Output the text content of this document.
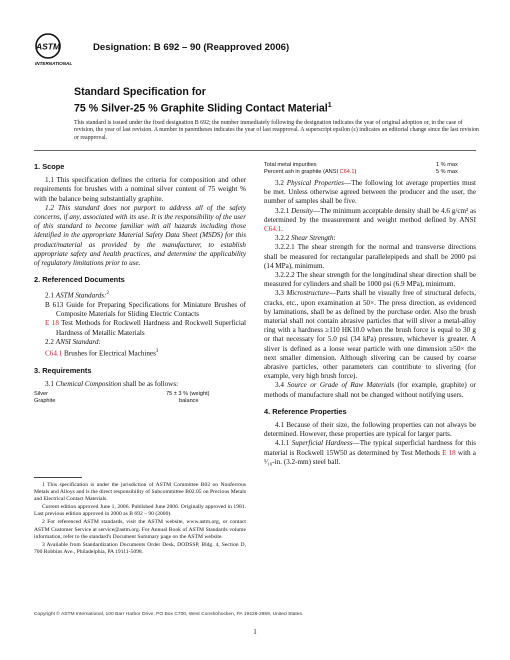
ASTM
INTERNATIONAL
Designation: B 692 – 90 (Reapproved 2006)
Standard Specification for
75 % Silver-25 % Graphite Sliding Contact Material$^1$
This standard is issued under the fixed designation B 692; the number immediately following the designation indicates the year of original adoption or, in the case of revision, the year of last revision. A number in parentheses indicates the year of last reapproval. A superscript epsilon (ε) indicates an editorial change since the last revision or reapproval.
1. Scope

1.1 This specification defines the criteria for composition and other requirements for brushes with a nominal silver content of 75 weight % with the balance being substantially graphite.

1.2 This standard does not purport to address all of the safety concerns, if any, associated with its use. It is the responsibility of the user of this standard to become familiar with all hazards including those identified in the appropriate Material Safety Data Sheet (MSDS) for this product/material as provided by the manufacturer, to establish appropriate safety and health practices, and determine the applicability of regulatory limitations prior to use.

2. Referenced Documents

2.1 ASTM Standards:$^2$

B 613 Guide for Preparing Specifications for Miniature Brushes of Composite Materials for Sliding Electric Contacts

E 18 Test Methods for Rockwell Hardness and Rockwell Superficial Hardness of Metallic Materials

2.2 ANSI Standard:

C64.1 Brushes for Electrical Machines$^3$

3. Requirements

3.1 Chemical Composition shall be as follows:

Silver	75 ± 3 % (weight)
Graphite	balance

1 This specification is under the jurisdiction of ASTM Committee B02 on Nonferrous Metals and Alloys and is the direct responsibility of Subcommittee B02.05 on Precious Metals and Electrical Contact Materials.

Current edition approved June 1, 2006. Published June 2006. Originally approved in 1981. Last previous edition approved in 2000 as B 692 – 90 (2000).

2 For referenced ASTM standards, visit the ASTM website, www.astm.org, or contact ASTM Customer Service at service@astm.org. For Annual Book of ASTM Standards volume information, refer to the standard's Document Summary page on the ASTM website.

3 Available from Standardization Documents Order Desk, DODSSP, Bldg. 4, Section D, 700 Robbins Ave., Philadelphia, PA 19111-5098.

Total metal impurities	1 % max
Percent ash in graphite (ANSI C64.1)	5 % max

3.2 Physical Properties—The following lot average properties must be met. Unless otherwise agreed between the producer and the user, the number of samples shall be five.

3.2.1 Density—The minimum acceptable density shall be 4.6 g/cm³ as determined by the measurement and weight method defined by ANSI C64.1.

3.2.2 Shear Strength:

3.2.2.1 The shear strength for the normal and transverse directions shall be measured for rectangular parallelepipeds and shall be 2000 psi (14 MPa), minimum.

3.2.2.2 The shear strength for the longitudinal shear direction shall be measured for cylinders and shall be 1000 psi (6.9 MPa), minimum.

3.3 Microstructure—Parts shall be visually free of structural defects, cracks, etc., upon examination at 50×. The press direction, as evidenced by laminations, shall be as defined by the purchase order. Also the brush material shall not contain abrasive particles that will sliver a metal-alloy ring with a hardness ≥110 HK10.0 when the brush force is equal to 30 g or that necessary for 5.0 psi (34 kPa) pressure, whichever is greater. A sliver is defined as a loose wear particle with one dimension ≥50× the next smaller dimension. Although slivering can be caused by coarse abrasive particles, other parameters can contribute to slivering (for example, very high brush force).

3.4 Source or Grade of Raw Materials (for example, graphite) or methods of manufacture shall not be changed without notifying users.

4. Reference Properties

4.1 Because of their size, the following properties can not always be determined. However, these properties are typical for larger parts.

4.1.1 Superficial Hardness—The typical superficial hardness for this material is Rockwell 15W50 as determined by Test Methods E 18 with a ¹⁄₁₆-in. (3.2-mm) steel ball.

Copyright © ASTM International, 100 Barr Harbor Drive, PO Box C700, West Conshohocken, PA 19428-2959, United States.
1
